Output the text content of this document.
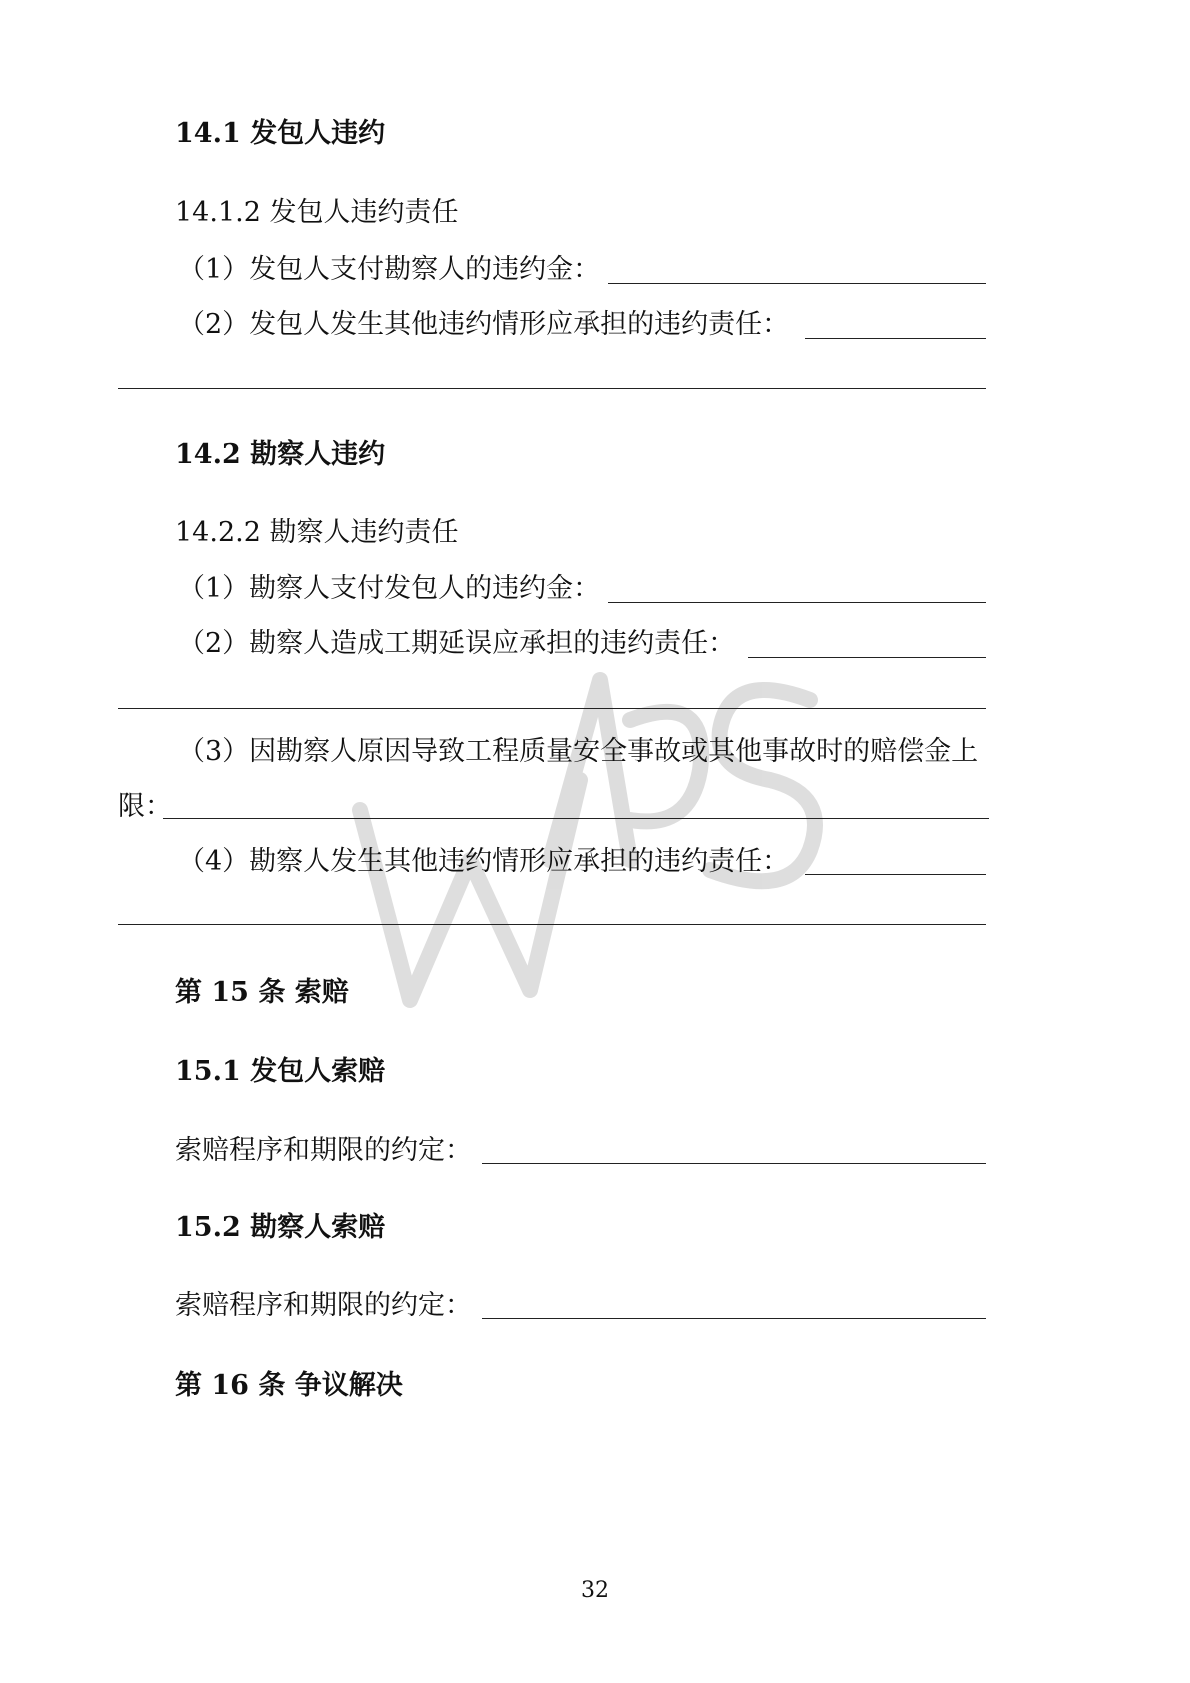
14.1 发包人违约
14.1.2 发包人违约责任
（1）发包人支付勘察人的违约金：
（2）发包人发生其他违约情形应承担的违约责任：
14.2 勘察人违约
14.2.2 勘察人违约责任
（1）勘察人支付发包人的违约金：
（2）勘察人造成工期延误应承担的违约责任：
（3）因勘察人原因导致工程质量安全事故或其他事故时的赔偿金上
限：
（4）勘察人发生其他违约情形应承担的违约责任：
第 15 条 索赔
15.1 发包人索赔
索赔程序和期限的约定：
15.2 勘察人索赔
索赔程序和期限的约定：
第 16 条 争议解决
32
